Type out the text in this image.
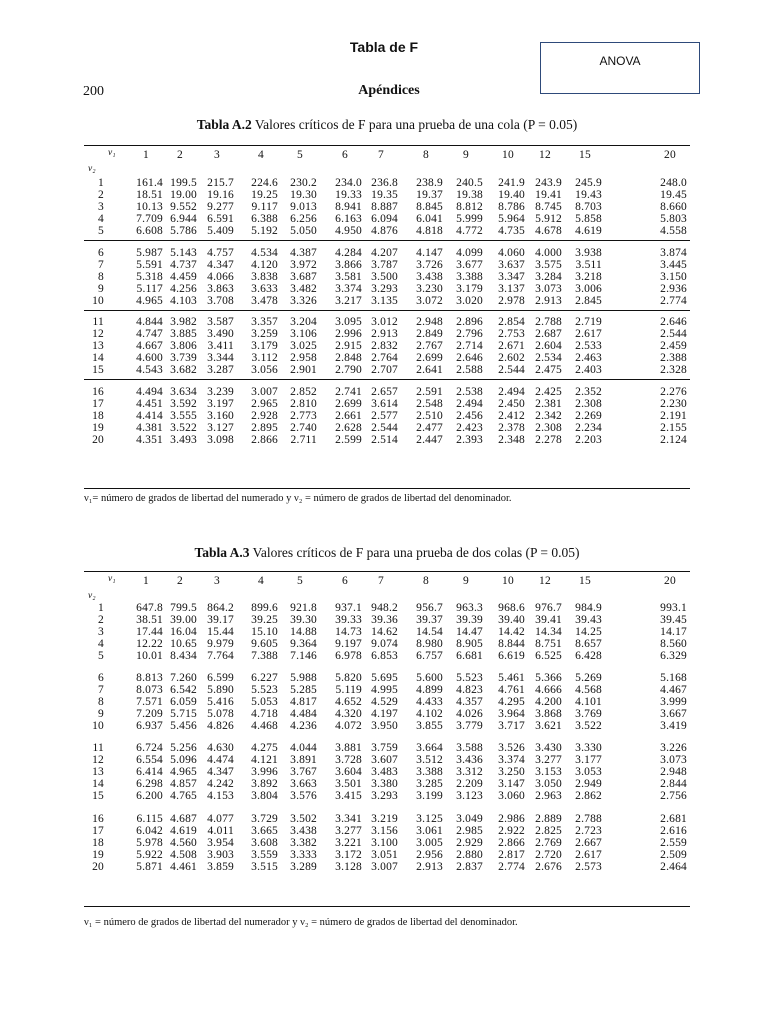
Tabla de F
ANOVA
200	Apéndices
Tabla A.2 Valores críticos de F para una prueba de una cola (P = 0.05)
ν₁	1	2	3	4	5	6	7	8	9	10	12	15	20
ν₂
1	161.4 199.5 215.7	224.6	230.2	234.0 236.8	238.9	240.5	241.9 243.9	245.9	248.0
2	18.51 19.00 19.16	19.25	19.30	19.33 19.35	19.37	19.38	19.40 19.41	19.43	19.45
3	10.13 9.552 9.277	9.117	9.013	8.941 8.887	8.845	8.812	8.786 8.745	8.703	8.660
4	7.709 6.944 6.591	6.388	6.256	6.163 6.094	6.041	5.999	5.964 5.912	5.858	5.803
5	6.608 5.786 5.409	5.192	5.050	4.950 4.876	4.818	4.772	4.735 4.678	4.619	4.558
6	5.987 5.143 4.757	4.534	4.387	4.284 4.207	4.147	4.099	4.060 4.000	3.938	3.874
7	5.591 4.737 4.347	4.120	3.972	3.866 3.787	3.726	3.677	3.637 3.575	3.511	3.445
8	5.318 4.459 4.066	3.838	3.687	3.581 3.500	3.438	3.388	3.347 3.284	3.218	3.150
9	5.117 4.256 3.863	3.633	3.482	3.374 3.293	3.230	3.179	3.137 3.073	3.006	2.936
10	4.965 4.103 3.708	3.478	3.326	3.217 3.135	3.072	3.020	2.978 2.913	2.845	2.774
11	4.844 3.982 3.587	3.357	3.204	3.095 3.012	2.948	2.896	2.854 2.788	2.719	2.646
12	4.747 3.885 3.490	3.259	3.106	2.996 2.913	2.849	2.796	2.753 2.687	2.617	2.544
13	4.667 3.806 3.411	3.179	3.025	2.915 2.832	2.767	2.714	2.671 2.604	2.533	2.459
14	4.600 3.739 3.344	3.112	2.958	2.848 2.764	2.699	2.646	2.602 2.534	2.463	2.388
15	4.543 3.682 3.287	3.056	2.901	2.790 2.707	2.641	2.588	2.544 2.475	2.403	2.328
16	4.494 3.634 3.239	3.007	2.852	2.741 2.657	2.591	2.538	2.494 2.425	2.352	2.276
17	4.451 3.592 3.197	2.965	2.810	2.699 3.614	2.548	2.494	2.450 2.381	2.308	2.230
18	4.414 3.555 3.160	2.928	2.773	2.661 2.577	2.510	2.456	2.412 2.342	2.269	2.191
19	4.381 3.522 3.127	2.895	2.740	2.628 2.544	2.477	2.423	2.378 2.308	2.234	2.155
20	4.351 3.493 3.098	2.866	2.711	2.599 2.514	2.447	2.393	2.348 2.278	2.203	2.124
ν₁= número de grados de libertad del numerado y ν₂ = número de grados de libertad del denominador.
Tabla A.3 Valores críticos de F para una prueba de dos colas (P = 0.05)
ν₁	1	2	3	4	5	6	7	8	9	10	12	15	20
ν₂
1	647.8 799.5 864.2	899.6	921.8	937.1 948.2	956.7	963.3	968.6 976.7	984.9	993.1
2	38.51 39.00 39.17	39.25	39.30	39.33 39.36	39.37	39.39	39.40 39.41	39.43	39.45
3	17.44 16.04 15.44	15.10	14.88	14.73 14.62	14.54	14.47	14.42 14.34	14.25	14.17
4	12.22 10.65 9.979	9.605	9.364	9.197 9.074	8.980	8.905	8.844 8.751	8.657	8.560
5	10.01 8.434 7.764	7.388	7.146	6.978 6.853	6.757	6.681	6.619 6.525	6.428	6.329
6	8.813 7.260 6.599	6.227	5.988	5.820 5.695	5.600	5.523	5.461 5.366	5.269	5.168
7	8.073 6.542 5.890	5.523	5.285	5.119 4.995	4.899	4.823	4.761 4.666	4.568	4.467
8	7.571 6.059 5.416	5.053	4.817	4.652 4.529	4.433	4.357	4.295 4.200	4.101	3.999
9	7.209 5.715 5.078	4.718	4.484	4.320 4.197	4.102	4.026	3.964 3.868	3.769	3.667
10	6.937 5.456 4.826	4.468	4.236	4.072 3.950	3.855	3.779	3.717 3.621	3.522	3.419
11	6.724 5.256 4.630	4.275	4.044	3.881 3.759	3.664	3.588	3.526 3.430	3.330	3.226
12	6.554 5.096 4.474	4.121	3.891	3.728 3.607	3.512	3.436	3.374 3.277	3.177	3.073
13	6.414 4.965 4.347	3.996	3.767	3.604 3.483	3.388	3.312	3.250 3.153	3.053	2.948
14	6.298 4.857 4.242	3.892	3.663	3.501 3.380	3.285	2.209	3.147 3.050	2.949	2.844
15	6.200 4.765 4.153	3.804	3.576	3.415 3.293	3.199	3.123	3.060 2.963	2.862	2.756
16	6.115 4.687 4.077	3.729	3.502	3.341 3.219	3.125	3.049	2.986 2.889	2.788	2.681
17	6.042 4.619 4.011	3.665	3.438	3.277 3.156	3.061	2.985	2.922 2.825	2.723	2.616
18	5.978 4.560 3.954	3.608	3.382	3.221 3.100	3.005	2.929	2.866 2.769	2.667	2.559
19	5.922 4.508 3.903	3.559	3.333	3.172 3.051	2.956	2.880	2.817 2.720	2.617	2.509
20	5.871 4.461 3.859	3.515	3.289	3.128 3.007	2.913	2.837	2.774 2.676	2.573	2.464
ν₁ = número de grados de libertad del numerador y ν₂ = número de grados de libertad del denominador.
